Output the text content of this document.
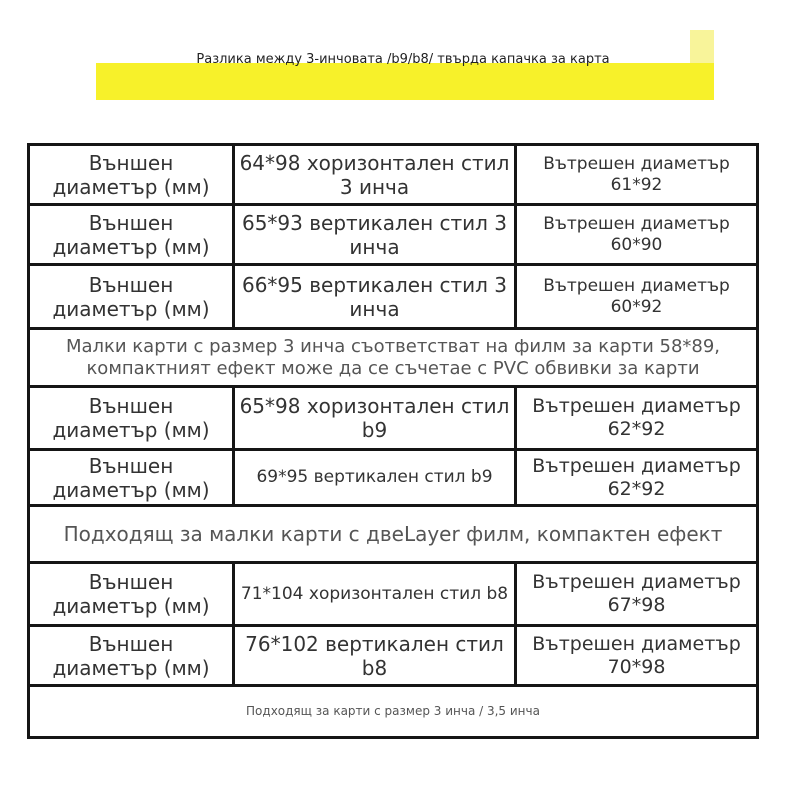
Разлика между 3-инчовата /b9/b8/ твърда капачка за карта
Външен диаметър (мм)	64*98 хоризонтален стил 3 инча	Вътрешен диаметър 61*92
Външен диаметър (мм)	65*93 вертикален стил 3 инча	Вътрешен диаметър 60*90
Външен диаметър (мм)	66*95 вертикален стил 3 инча	Вътрешен диаметър 60*92
Малки карти с размер 3 инча съответстват на филм за карти 58*89, компактният ефект може да се съчетае с PVC обвивки за карти		
Външен диаметър (мм)	65*98 хоризонтален стил b9	Вътрешен диаметър 62*92
Външен диаметър (мм)	69*95 вертикален стил b9	Вътрешен диаметър 62*92
Подходящ за малки карти с двеLayer филм, компактен ефект		
Външен диаметър (мм)	71*104 хоризонтален стил b8	Вътрешен диаметър 67*98
Външен диаметър (мм)	76*102 вертикален стил b8	Вътрешен диаметър 70*98
Подходящ за карти с размер 3 инча / 3,5 инча		
